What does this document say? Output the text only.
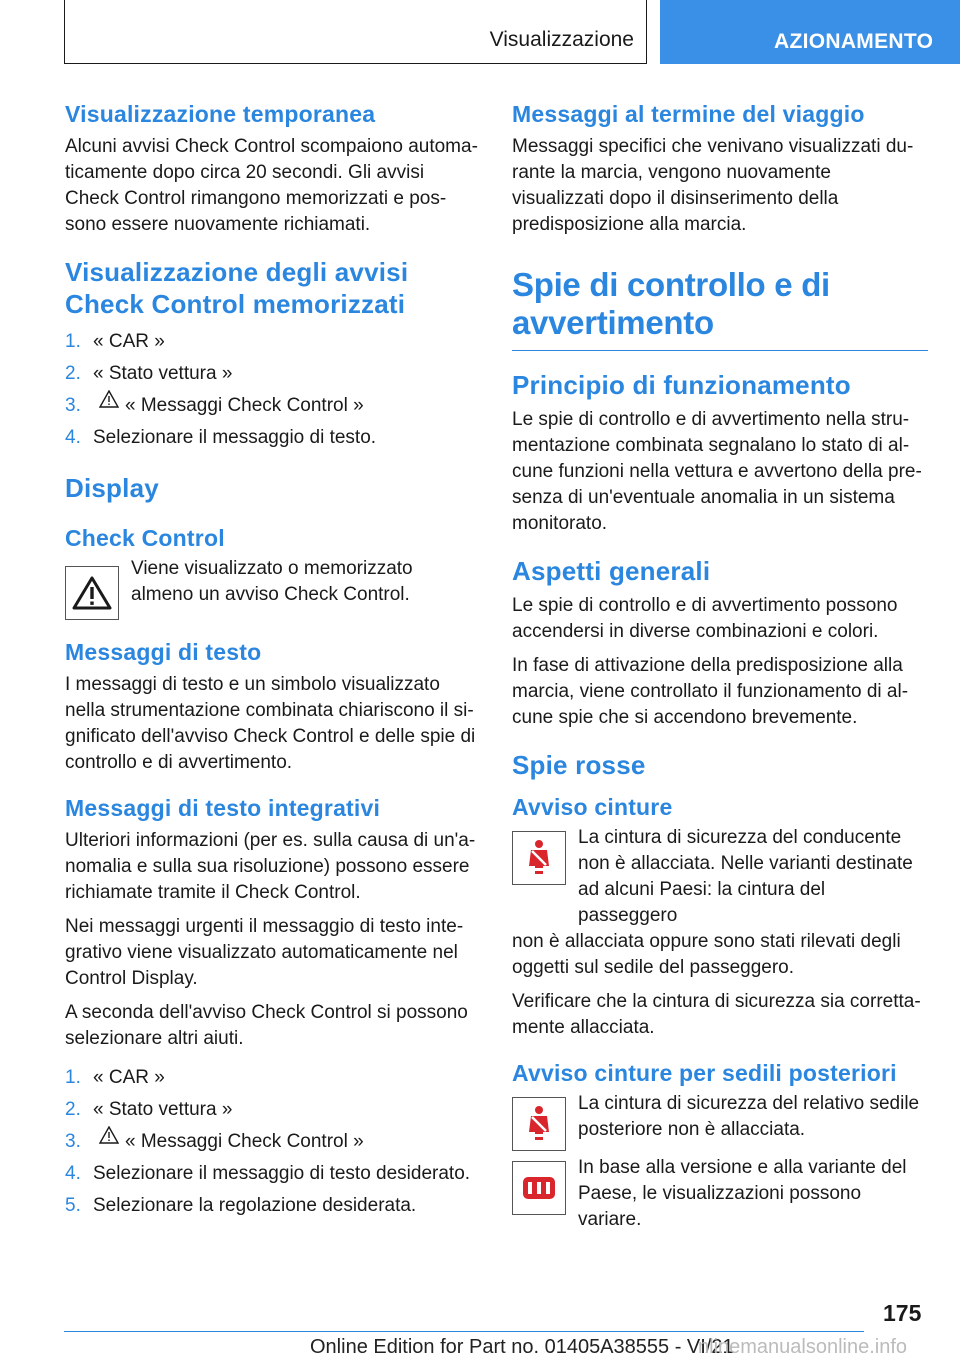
Visualizzazione	AZIONAMENTO
Visualizzazione temporanea

Alcuni avvisi Check Control scompaiono automaticamente dopo circa 20 secondi. Gli avvisi Check Control rimangono memorizzati e possono essere nuovamente richiamati.

Visualizzazione degli avvisi Check Control memorizzati
1. « CAR »
2. « Stato vettura »
3.	« Messaggi Check Control »
4. Selezionare il messaggio di testo.
Display
Check Control

Viene visualizzato o memorizzato almeno un avviso Check Control.

Messaggi di testo

I messaggi di testo e un simbolo visualizzato nella strumentazione combinata chiariscono il significato dell'avviso Check Control e delle spie di controllo e di avvertimento.

Messaggi di testo integrativi

Ulteriori informazioni (per es. sulla causa di un'anomalia e sulla sua risoluzione) possono essere richiamate tramite il Check Control.

Nei messaggi urgenti il messaggio di testo integrativo viene visualizzato automaticamente nel Control Display.

A seconda dell'avviso Check Control si possono selezionare altri aiuti.

1. « CAR »
2. « Stato vettura »
3.	« Messaggi Check Control »
4. Selezionare il messaggio di testo desiderato.
5. Selezionare la regolazione desiderata.
Messaggi al termine del viaggio

Messaggi specifici che venivano visualizzati durante la marcia, vengono nuovamente visualizzati dopo il disinserimento della predisposizione alla marcia.

Spie di controllo e di avvertimento
Principio di funzionamento

Le spie di controllo e di avvertimento nella strumentazione combinata segnalano lo stato di alcune funzioni nella vettura e avvertono della presenza di un'eventuale anomalia in un sistema monitorato.

Aspetti generali

Le spie di controllo e di avvertimento possono accendersi in diverse combinazioni e colori.

In fase di attivazione della predisposizione alla marcia, viene controllato il funzionamento di alcune spie che si accendono brevemente.

Spie rosse
Avviso cinture

La cintura di sicurezza del conducente non è allacciata. Nelle varianti destinate ad alcuni Paesi: la cintura del passeggero

non è allacciata oppure sono stati rilevati degli oggetti sul sedile del passeggero.

Verificare che la cintura di sicurezza sia correttamente allacciata.

Avviso cinture per sedili posteriori

La cintura di sicurezza del relativo sedile posteriore non è allacciata.

In base alla versione e alla variante del Paese, le visualizzazioni possono variare.

175
Online Edition for Part no. 01405A38555 - VI/21
nlinemanualsonline.info
